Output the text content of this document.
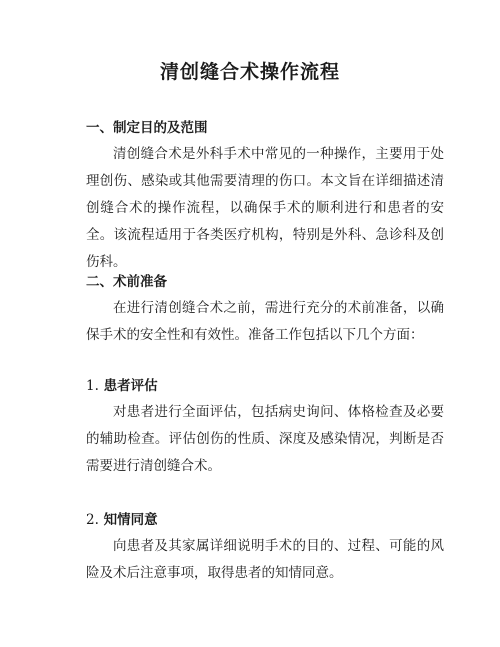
清创缝合术操作流程
一、制定目的及范围

清创缝合术是外科手术中常见的一种操作，主要用于处理创伤、感染或其他需要清理的伤口。本文旨在详细描述清创缝合术的操作流程，以确保手术的顺利进行和患者的安全。该流程适用于各类医疗机构，特别是外科、急诊科及创伤科。

二、术前准备

在进行清创缝合术之前，需进行充分的术前准备，以确保手术的安全性和有效性。准备工作包括以下几个方面：

1. 患者评估

对患者进行全面评估，包括病史询问、体格检查及必要的辅助检查。评估创伤的性质、深度及感染情况，判断是否需要进行清创缝合术。

2. 知情同意

向患者及其家属详细说明手术的目的、过程、可能的风险及术后注意事项，取得患者的知情同意。
